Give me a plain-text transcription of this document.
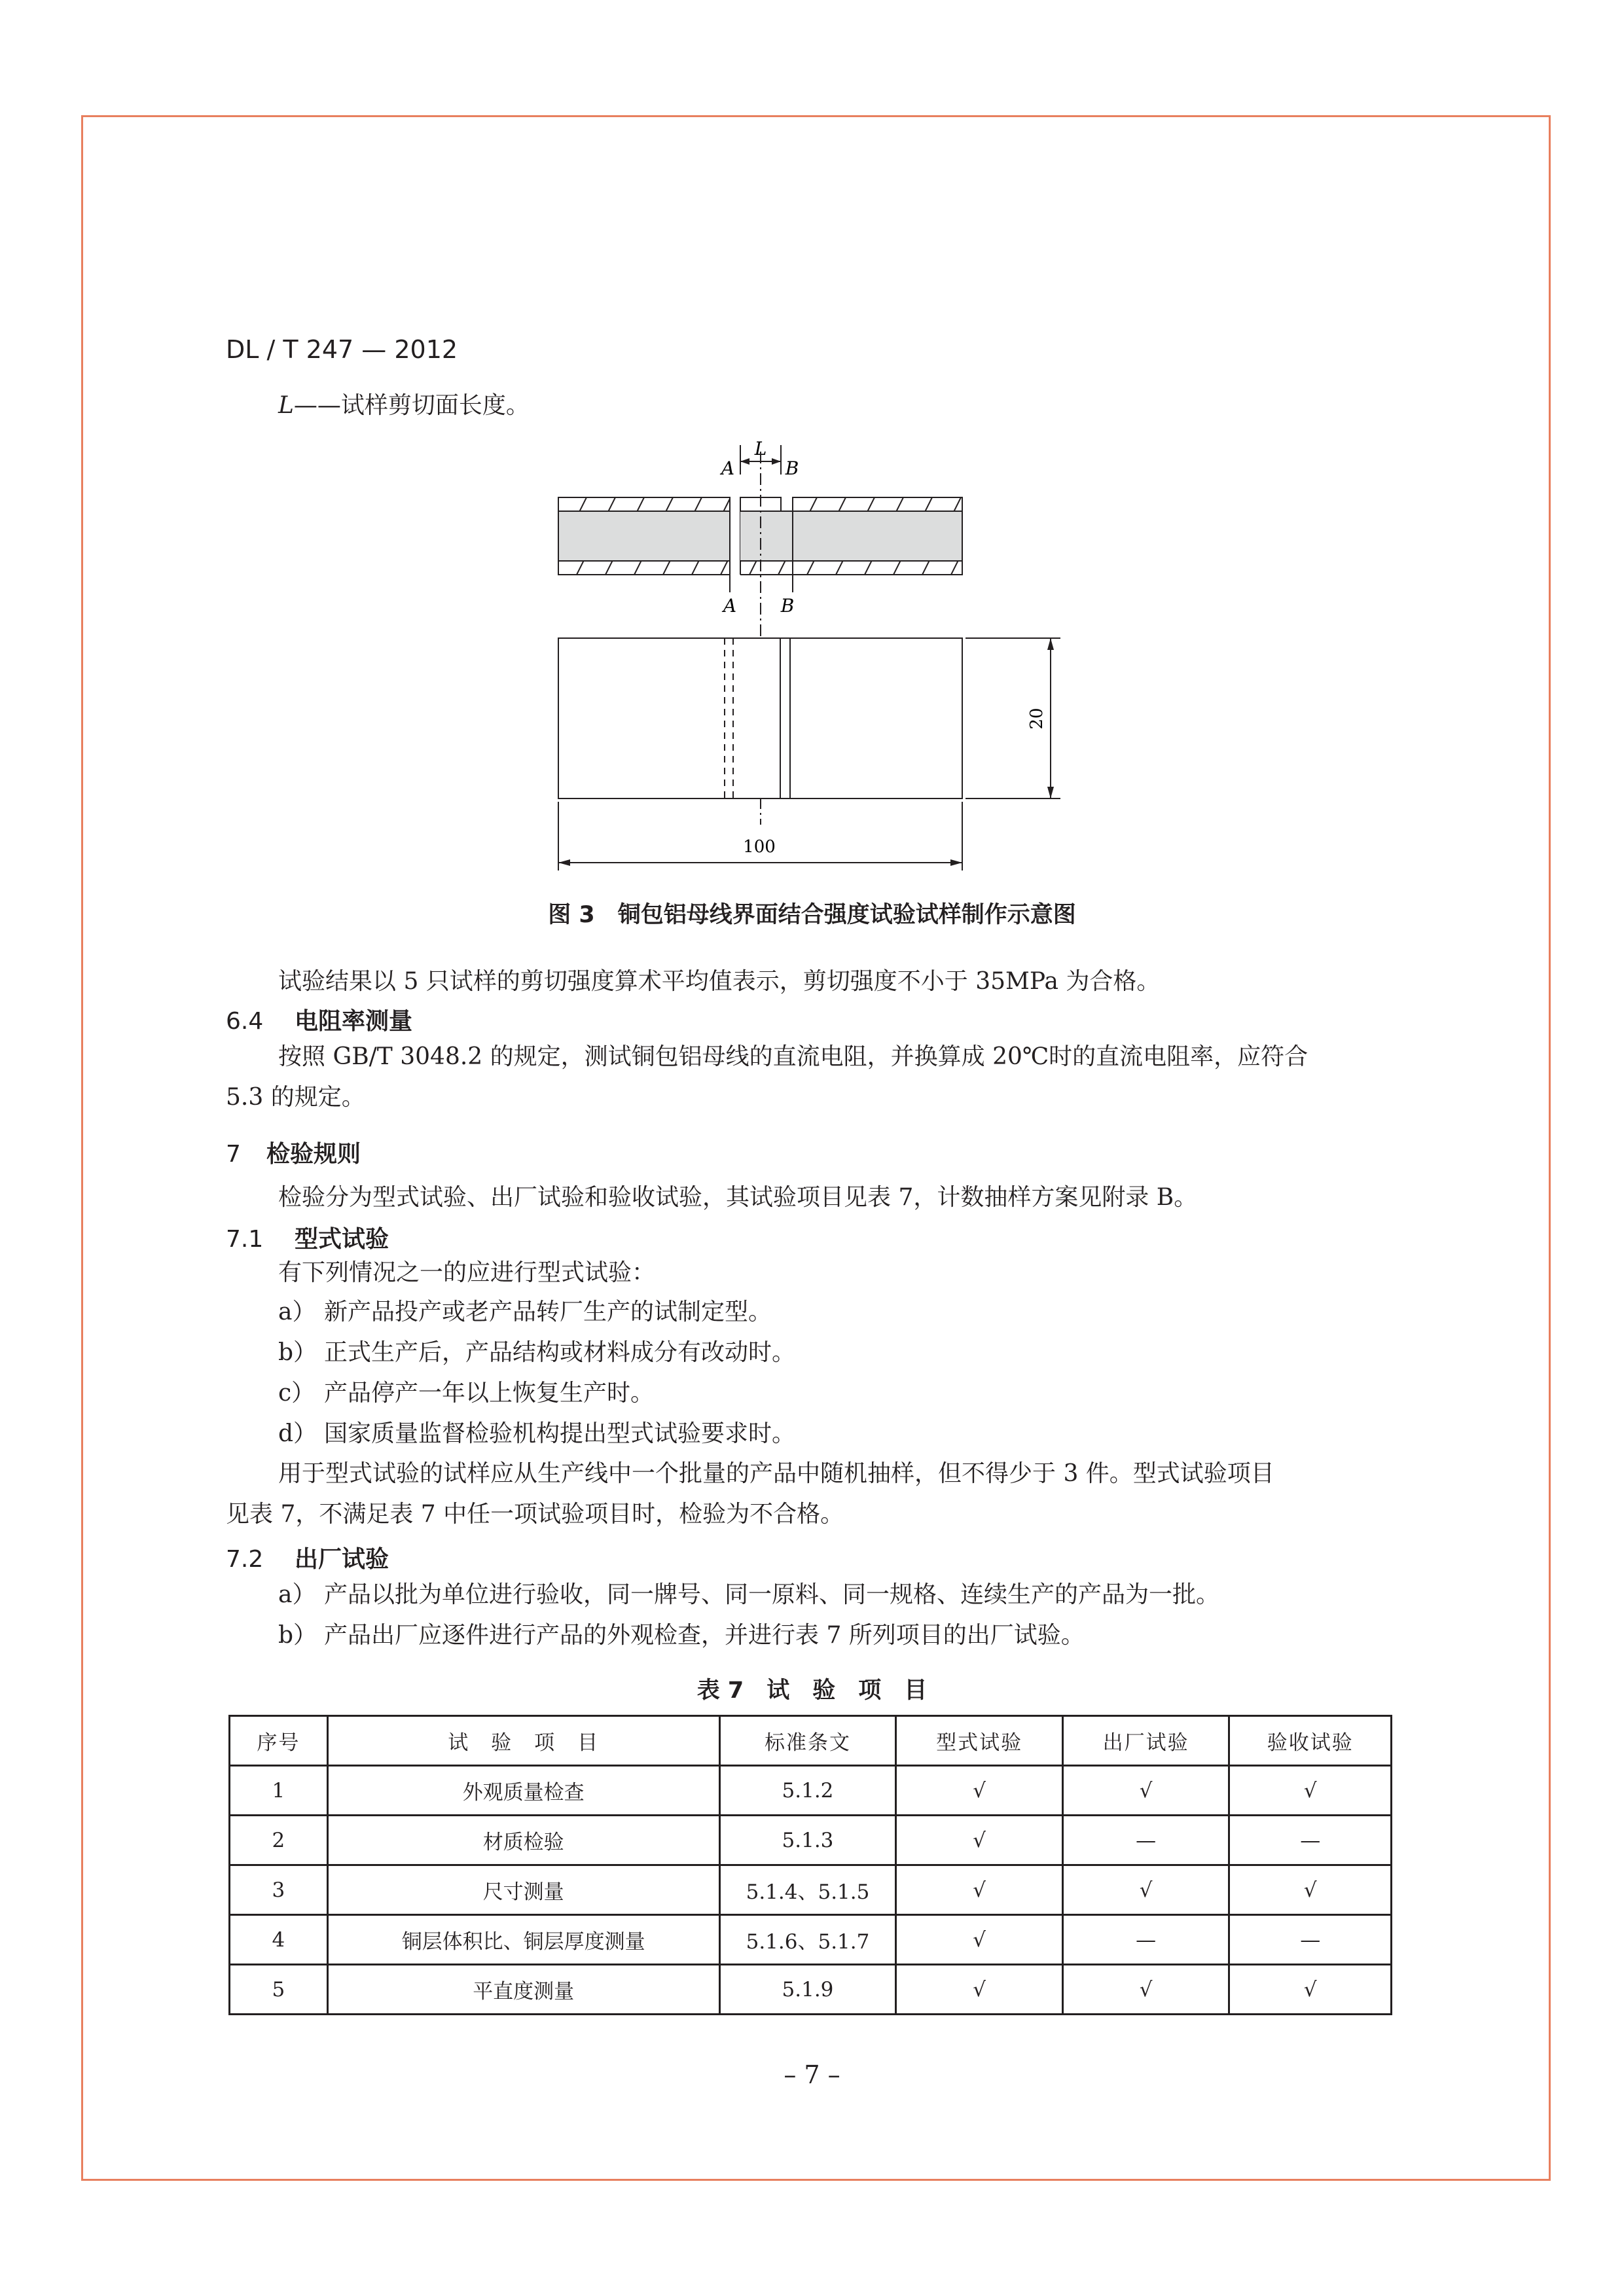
DL / T 247 — 2012
L——试样剪切面长度。
L
A	B
A B
20
100
图 3　铜包铝母线界面结合强度试验试样制作示意图
试验结果以 5 只试样的剪切强度算术平均值表示，剪切强度不小于 35MPa 为合格。
6.4 电阻率测量
按照 GB/T 3048.2 的规定，测试铜包铝母线的直流电阻，并换算成 20℃时的直流电阻率，应符合
5.3 的规定。
7 检验规则
检验分为型式试验、出厂试验和验收试验，其试验项目见表 7，计数抽样方案见附录 B。
7.1 型式试验
有下列情况之一的应进行型式试验：
a） 新产品投产或老产品转厂生产的试制定型。
b） 正式生产后，产品结构或材料成分有改动时。
c） 产品停产一年以上恢复生产时。
d） 国家质量监督检验机构提出型式试验要求时。
用于型式试验的试样应从生产线中一个批量的产品中随机抽样，但不得少于 3 件。型式试验项目
见表 7，不满足表 7 中任一项试验项目时，检验为不合格。
7.2 出厂试验
a） 产品以批为单位进行验收，同一牌号、同一原料、同一规格、连续生产的产品为一批。
b） 产品出厂应逐件进行产品的外观检查，并进行表 7 所列项目的出厂试验。
表 7　试　验　项　目
序号	试　验　项　目	标准条文	型式试验	出厂试验	验收试验
1	外观质量检查	5.1.2	√	√	√
2	材质检验	5.1.3	√	—	—
3	尺寸测量	5.1.4、5.1.5	√	√	√
4	铜层体积比、铜层厚度测量	5.1.6、5.1.7	√	—	—
5	平直度测量	5.1.9	√	√	√
– 7 –
